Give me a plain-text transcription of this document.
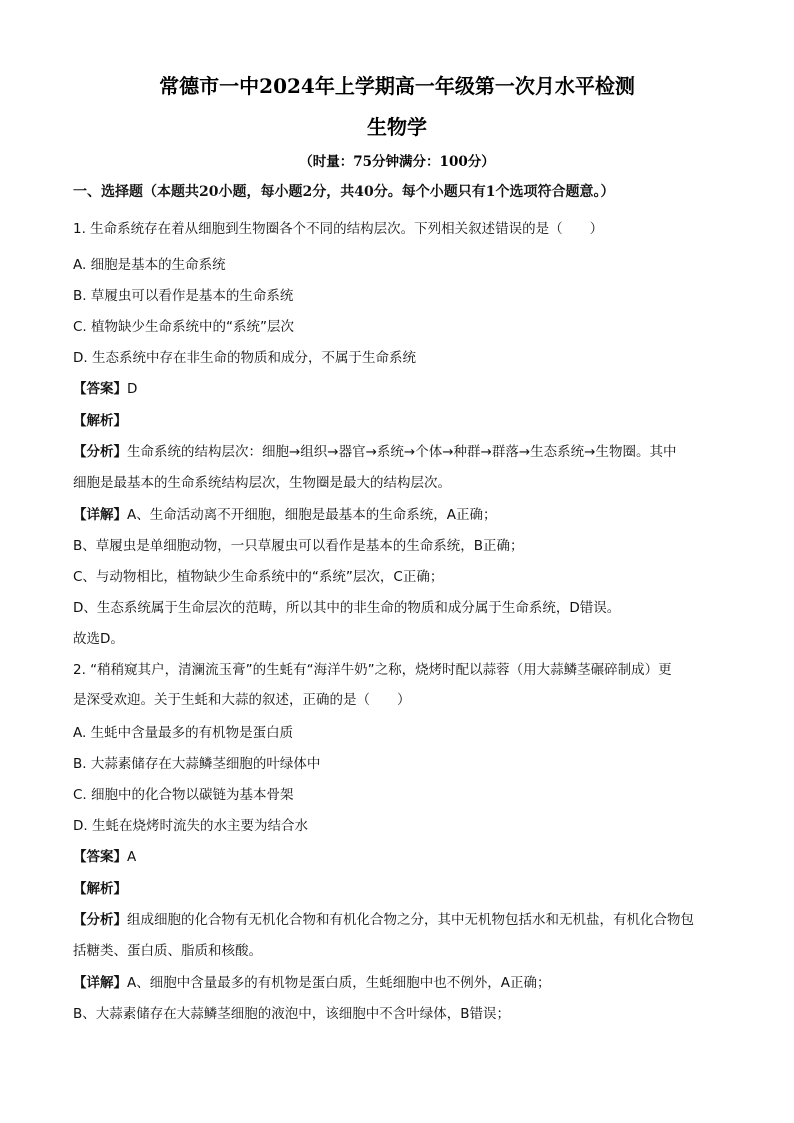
常德市一中2024年上学期高一年级第一次月水平检测
生物学
（时量：75分钟满分：100分）
一、选择题（本题共20小题，每小题2分，共40分。每个小题只有1个选项符合题意。）
1. 生命系统存在着从细胞到生物圈各个不同的结构层次。下列相关叙述错误的是（　　）
A. 细胞是基本的生命系统
B. 草履虫可以看作是基本的生命系统
C. 植物缺少生命系统中的“系统”层次
D. 生态系统中存在非生命的物质和成分，不属于生命系统
【答案】D
【解析】
【分析】生命系统的结构层次：细胞→组织→器官→系统→个体→种群→群落→生态系统→生物圈。其中
细胞是最基本的生命系统结构层次，生物圈是最大的结构层次。
【详解】A、生命活动离不开细胞，细胞是最基本的生命系统，A正确；
B、草履虫是单细胞动物，一只草履虫可以看作是基本的生命系统，B正确；
C、与动物相比，植物缺少生命系统中的“系统”层次，C正确；
D、生态系统属于生命层次的范畴，所以其中的非生命的物质和成分属于生命系统，D错误。
故选D。
2. “稍稍窥其户，清澜流玉膏”的生蚝有“海洋牛奶”之称，烧烤时配以蒜蓉（用大蒜鳞茎碾碎制成）更
是深受欢迎。关于生蚝和大蒜的叙述，正确的是（　　）
A. 生蚝中含量最多的有机物是蛋白质
B. 大蒜素储存在大蒜鳞茎细胞的叶绿体中
C. 细胞中的化合物以碳链为基本骨架
D. 生蚝在烧烤时流失的水主要为结合水
【答案】A
【解析】
【分析】组成细胞的化合物有无机化合物和有机化合物之分，其中无机物包括水和无机盐，有机化合物包
括糖类、蛋白质、脂质和核酸。
【详解】A、细胞中含量最多的有机物是蛋白质，生蚝细胞中也不例外，A正确；
B、大蒜素储存在大蒜鳞茎细胞的液泡中，该细胞中不含叶绿体，B错误；
